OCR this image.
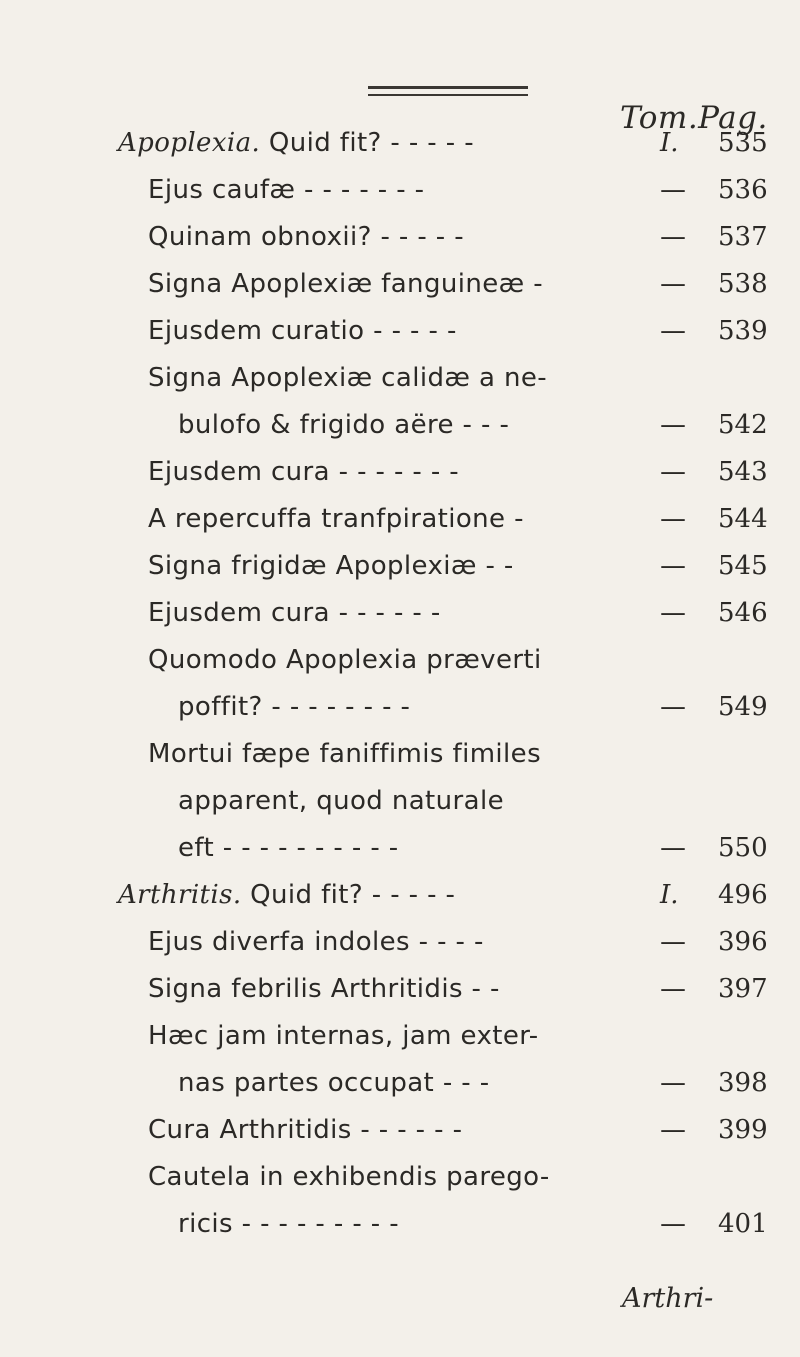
Tom.Pag.
Apoplexia. Quid fit? - - - - -	I. 535
Ejus caufæ - - - - - - -	— 536
Quinam obnoxii? - - - - -	— 537
Signa Apoplexiæ fanguineæ -	— 538
Ejusdem curatio - - - - -	— 539
Signa Apoplexiæ calidæ a ne-
bulofo & frigido aëre - - -	— 542
Ejusdem cura - - - - - - -	— 543
A repercuffa tranfpiratione -	— 544
Signa frigidæ Apoplexiæ - -	— 545
Ejusdem cura - - - - - -	— 546
Quomodo Apoplexia præverti
poffit? - - - - - - - -	— 549
Mortui fæpe faniffimis fimiles
apparent, quod naturale
eft - - - - - - - - - -	— 550
Arthritis. Quid fit? - - - - -	I. 496
Ejus diverfa indoles - - - -	— 396
Signa febrilis Arthritidis - -	— 397
Hæc jam internas, jam exter-
nas partes occupat - - -	— 398
Cura Arthritidis - - - - - -	— 399
Cautela in exhibendis parego-
ricis - - - - - - - - -	— 401
Arthri-
